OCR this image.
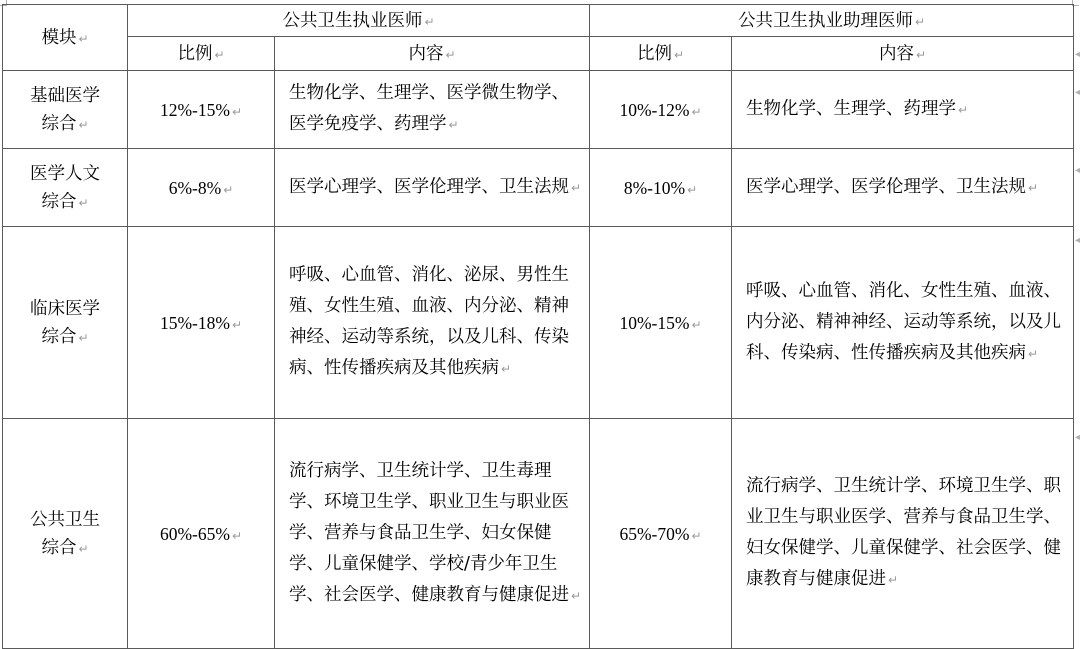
模块 ↵	公共卫生执业医师 ↵		公共卫生执业助理医师 ↵	
	比例 ↵	内容 ↵	比例 ↵	内容 ↵
基础医学
综合 ↵	12%-15% ↵	生物化学、生理学、医学微生物学、医学免疫学、药理学 ↵	10%-12% ↵	生物化学、生理学、药理学 ↵
医学人文
综合 ↵	6%-8% ↵	医学心理学、医学伦理学、卫生法规 ↵	8%-10% ↵	医学心理学、医学伦理学、卫生法规 ↵
临床医学
综合 ↵	15%-18% ↵	呼吸、心血管、消化、泌尿、男性生殖、女性生殖、血液、内分泌、精神神经、运动等系统，以及儿科、传染病、性传播疾病及其他疾病 ↵	10%-15% ↵	呼吸、心血管、消化、女性生殖、血液、内分泌、精神神经、运动等系统，以及儿科、传染病、性传播疾病及其他疾病 ↵
公共卫生
综合 ↵	60%-65% ↵	流行病学、卫生统计学、卫生毒理学、环境卫生学、职业卫生与职业医学、营养与食品卫生学、妇女保健学、儿童保健学、学校/青少年卫生学、社会医学、健康教育与健康促进 ↵	65%-70% ↵	流行病学、卫生统计学、环境卫生学、职业卫生与职业医学、营养与食品卫生学、妇女保健学、儿童保健学、社会医学、健康教育与健康促进 ↵
◂
◂
◂
◂
◂
